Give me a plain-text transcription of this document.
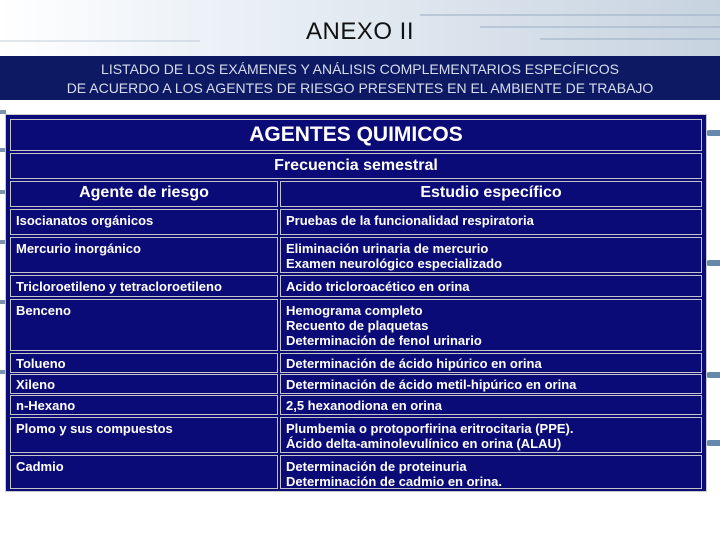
ANEXO II
LISTADO DE LOS EXÁMENES Y ANÁLISIS COMPLEMENTARIOS ESPECÍFICOS
DE ACUERDO A LOS AGENTES DE RIESGO PRESENTES EN EL AMBIENTE DE TRABAJO
AGENTES QUIMICOS
Frecuencia semestral
Agente de riesgo	Estudio específico
Isocianatos orgánicos	Pruebas de la funcionalidad respiratoria
Mercurio inorgánico	Eliminación urinaria de mercurio
Examen neurológico especializado
Tricloroetileno y tetracloroetileno	Acido tricloroacético en orina
Benceno	Hemograma completo
Recuento de plaquetas
Determinación de fenol urinario
Tolueno	Determinación de ácido hipúrico en orina
Xileno	Determinación de ácido metil-hipúrico en orina
n-Hexano	2,5 hexanodiona en orina
Plomo y sus compuestos	Plumbemia o protoporfirina eritrocitaria (PPE).
Ácido delta-aminolevulínico en orina (ALAU)
Cadmio	Determinación de proteinuria
Determinación de cadmio en orina.
